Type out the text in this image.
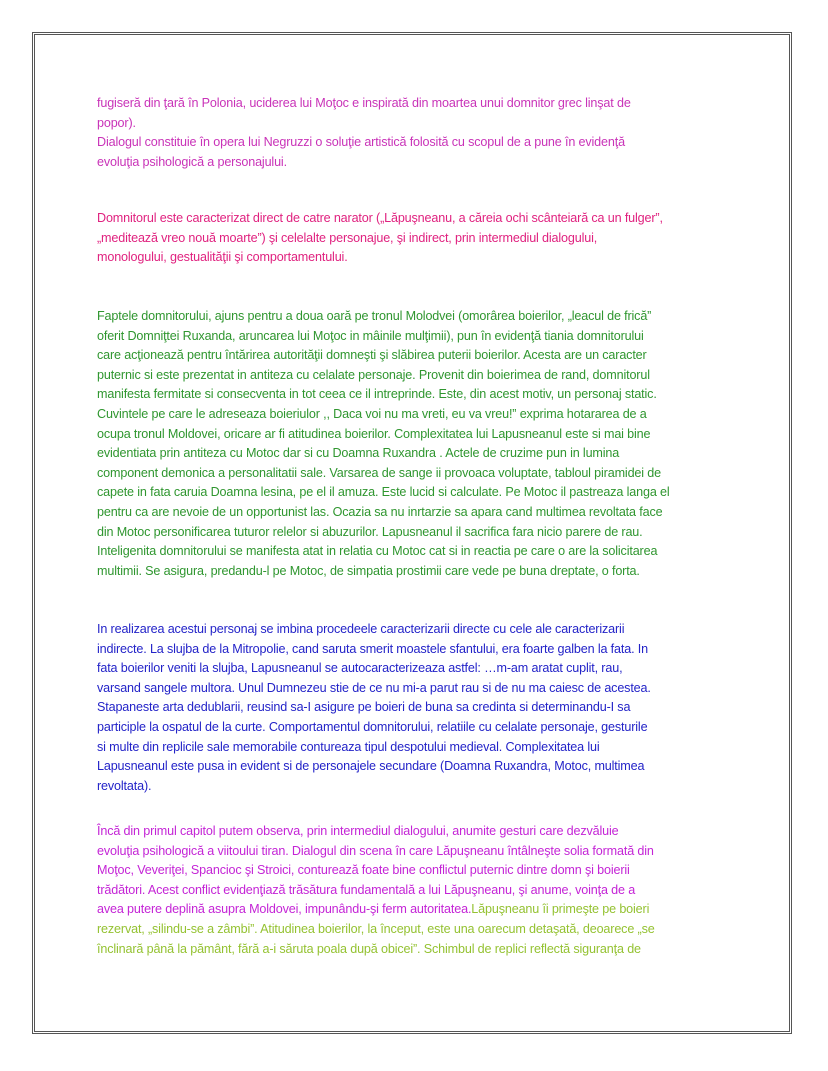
fugiseră din ţară în Polonia, uciderea lui Moţoc e inspirată din moartea unui domnitor grec linşat de
popor).
Dialogul constituie în opera lui Negruzzi o soluţie artistică folosită cu scopul de a pune în evidenţă
evoluţia psihologică a personajului.
Domnitorul este caracterizat direct de catre narator („Lăpuşneanu, a căreia ochi scânteiară ca un fulger”,
„meditează vreo nouă moarte”) şi celelalte personajue, şi indirect, prin intermediul dialogului,
monologului, gestualităţii şi comportamentului.
Faptele domnitorului, ajuns pentru a doua oară pe tronul Molodvei (omorârea boierilor, „leacul de frică”
oferit Domniţtei Ruxanda, aruncarea lui Moţoc in mâinile mulţimii), pun în evidenţă tiania domnitorului
care acţionează pentru întărirea autorităţii domneşti şi slăbirea puterii boierilor. Acesta are un caracter
puternic si este prezentat in antiteza cu celalate personaje. Provenit din boierimea de rand, domnitorul
manifesta fermitate si consecventa in tot ceea ce il intreprinde. Este, din acest motiv, un personaj static.
Cuvintele pe care le adreseaza boieriulor ,, Daca voi nu ma vreti, eu va vreu!” exprima hotararea de a
ocupa tronul Moldovei, oricare ar fi atitudinea boierilor. Complexitatea lui Lapusneanul este si mai bine
evidentiata prin antiteza cu Motoc dar si cu Doamna Ruxandra . Actele de cruzime pun in lumina
component demonica a personalitatii sale. Varsarea de sange ii provoaca voluptate, tabloul piramidei de
capete in fata caruia Doamna lesina, pe el il amuza. Este lucid si calculate. Pe Motoc il pastreaza langa el
pentru ca are nevoie de un opportunist las. Ocazia sa nu inrtarzie sa apara cand multimea revoltata face
din Motoc personificarea tuturor relelor si abuzurilor. Lapusneanul il sacrifica fara nicio parere de rau.
Inteligenita domnitorului se manifesta atat in relatia cu Motoc cat si in reactia pe care o are la solicitarea
multimii. Se asigura, predandu-l pe Motoc, de simpatia prostimii care vede pe buna dreptate, o forta.
In realizarea acestui personaj se imbina procedeele caracterizarii directe cu cele ale caracterizarii
indirecte. La slujba de la Mitropolie, cand saruta smerit moastele sfantului, era foarte galben la fata. In
fata boierilor veniti la slujba, Lapusneanul se autocaracterizeaza astfel: …m-am aratat cuplit, rau,
varsand sangele multora. Unul Dumnezeu stie de ce nu mi-a parut rau si de nu ma caiesc de acestea.
Stapaneste arta dedublarii, reusind sa-I asigure pe boieri de buna sa credinta si determinandu-I sa
participle la ospatul de la curte. Comportamentul domnitorului, relatiile cu celalate personaje, gesturile
si multe din replicile sale memorabile contureaza tipul despotului medieval. Complexitatea lui
Lapusneanul este pusa in evident si de personajele secundare (Doamna Ruxandra, Motoc, multimea
revoltata).
Încă din primul capitol putem observa, prin intermediul dialogului, anumite gesturi care dezvăluie
evoluţia psihologică a viitoului tiran. Dialogul din scena în care Lăpuşneanu întâlneşte solia formată din
Moţoc, Veveriţei, Spancioc şi Stroici, conturează foate bine conflictul puternic dintre domn şi boierii
trădători. Acest conflict evidenţiază trăsătura fundamentală a lui Lăpuşneanu, şi anume, voinţa de a
avea putere deplină asupra Moldovei, impunându-şi ferm autoritatea.Lăpuşneanu îi primeşte pe boieri
rezervat, „silindu-se a zâmbi”. Atitudinea boierilor, la început, este una oarecum detaşată, deoarece „se
înclinară până la pământ, fără a-i săruta poala după obicei”. Schimbul de replici reflectă siguranţa de
